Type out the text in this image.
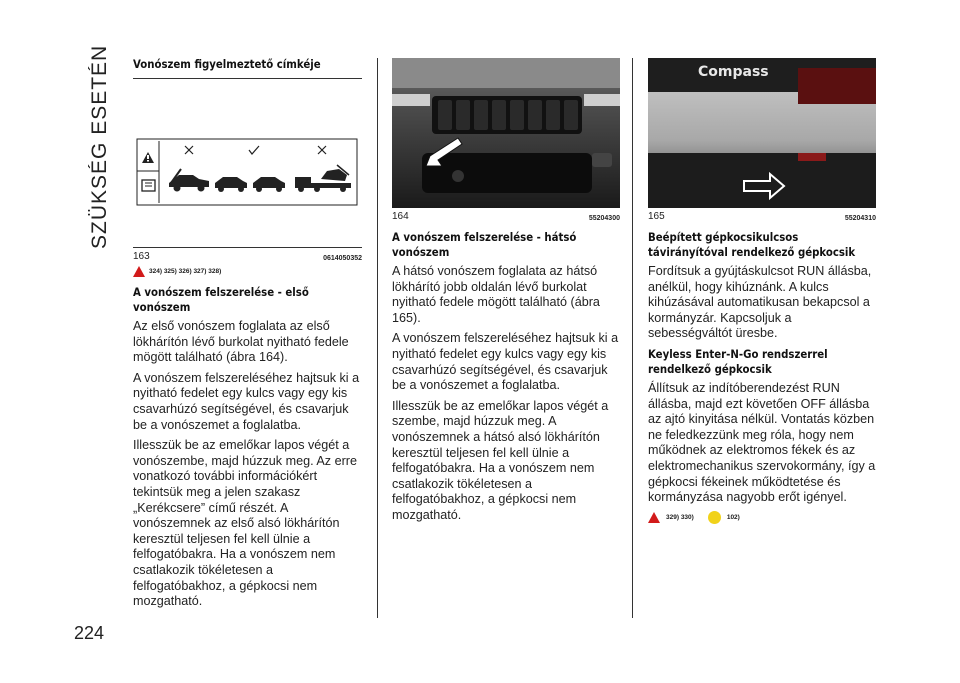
SZÜKSÉG ESETÉN
224
Vonószem figyelmeztető címkéje
163	0614050352
324) 325) 326) 327) 328)
A vonószem felszerelése - első vonószem

Az első vonószem foglalata az első lökhárítón lévő burkolat nyitható fedele mögött található (ábra 164).

A vonószem felszereléséhez hajtsuk ki a nyitható fedelet egy kulcs vagy egy kis csavarhúzó segítségével, és csavarjuk be a vonószemet a foglalatba.

Illesszük be az emelőkar lapos végét a vonószembe, majd húzzuk meg. Az erre vonatkozó további információkért tekintsük meg a jelen szakasz „Kerékcsere” című részét. A vonószemnek az első alsó lökhárítón keresztül teljesen fel kell ülnie a felfogatóbakra. Ha a vonószem nem csatlakozik tökéletesen a felfogatóbakhoz, a gépkocsi nem mozgatható.

164	55204300
A vonószem felszerelése - hátsó vonószem

A hátsó vonószem foglalata az hátsó lökhárító jobb oldalán lévő burkolat nyitható fedele mögött található (ábra 165).

A vonószem felszereléséhez hajtsuk ki a nyitható fedelet egy kulcs vagy egy kis csavarhúzó segítségével, és csavarjuk be a vonószemet a foglalatba.

Illesszük be az emelőkar lapos végét a szembe, majd húzzuk meg. A vonószemnek a hátsó alsó lökhárítón keresztül teljesen fel kell ülnie a felfogatóbakra. Ha a vonószem nem csatlakozik tökéletesen a felfogatóbakhoz, a gépkocsi nem mozgatható.

Compass
165	55204310
Beépített gépkocsikulcsos távirányítóval rendelkező gépkocsik

Fordítsuk a gyújtáskulcsot RUN állásba, anélkül, hogy kihúznánk. A kulcs kihúzásával automatikusan bekapcsol a kormányzár. Kapcsoljuk a sebességváltót üresbe.

Keyless Enter-N-Go rendszerrel rendelkező gépkocsik

Állítsuk az indítóberendezést RUN állásba, majd ezt követően OFF állásba az ajtó kinyitása nélkül. Vontatás közben ne feledkezzünk meg róla, hogy nem működnek az elektromos fékek és az elektromechanikus szervokormány, így a gépkocsi fékeinek működtetése és kormányzása nagyobb erőt igényel.

329) 330)	102)
